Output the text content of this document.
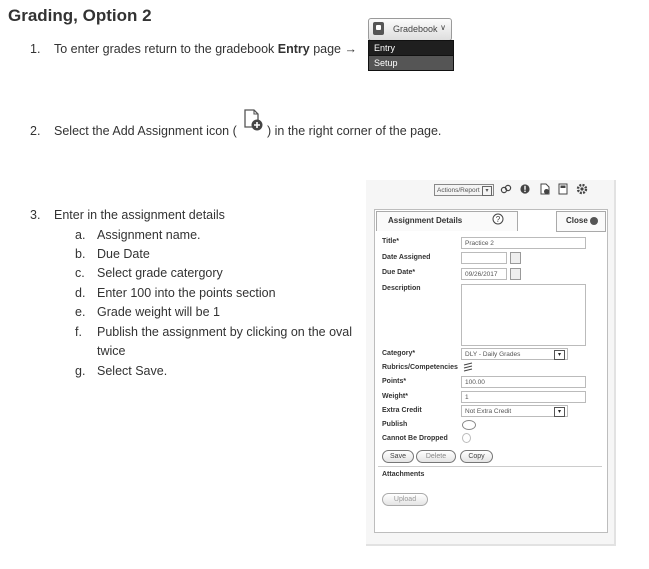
Grading, Option 2
1. To enter grades return to the gradebook Entry page →
Gradebook ∨
Entry
Setup
2. Select the Add Assignment icon ( ) in the right corner of the page.
3. Enter in the assignment details
a. Assignment name.
b. Due Date
c. Select grade catergory
d. Enter 100 into the points section
e. Grade weight will be 1
f. Publish the assignment by clicking on the oval
twice
g. Select Save.
Actions/Report ▾
Assignment Details	?	Close
Title*	Practice 2
Date Assigned
Due Date*	09/26/2017
Description
Category*	DLY - Daily Grades	▾
Rubrics/Competencies
Points*	100.00
Weight*	1
Extra Credit	Not Extra Credit	▾
Publish
Cannot Be Dropped
Save	Delete	Copy
Attachments
Upload
